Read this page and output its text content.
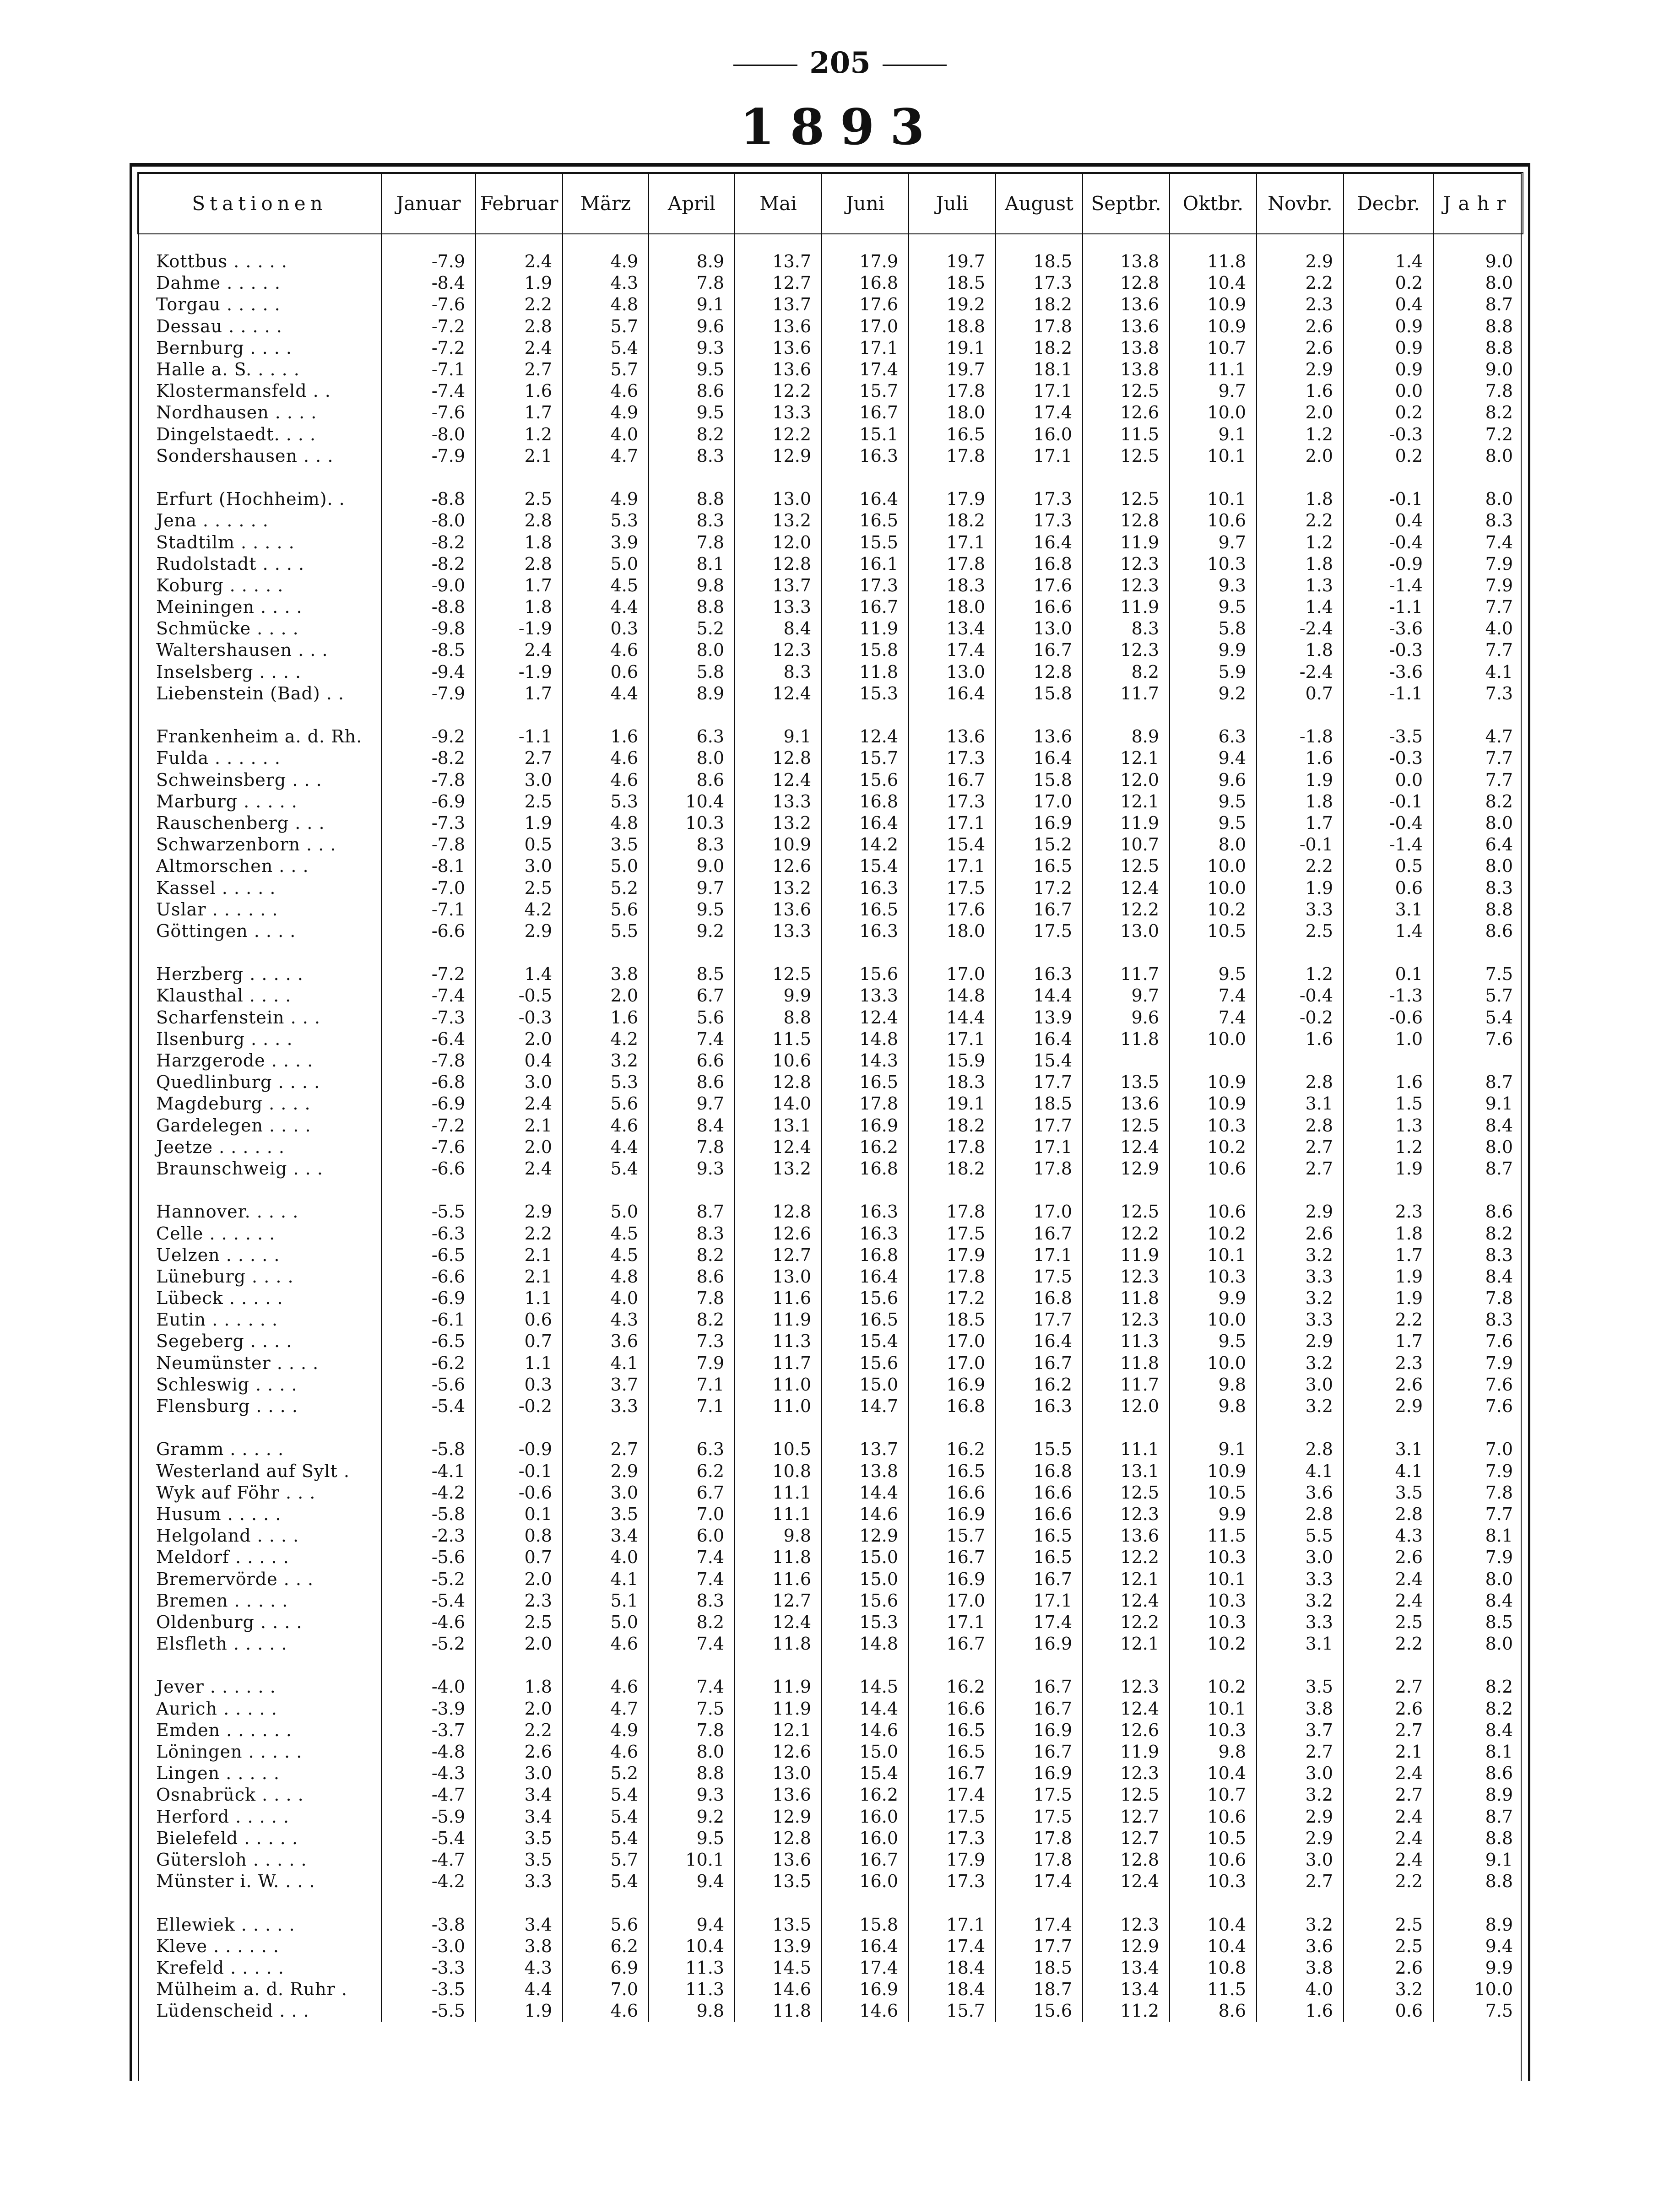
205
1893
Stationen	Januar	Februar	März	April	Mai	Juni	Juli	August	Septbr.	Oktbr.	Novbr.	Decbr.	Jahr

Kottbus . . . . .	-7.9	2.4	4.9	8.9	13.7	17.9	19.7	18.5	13.8	11.8	2.9	1.4	9.0
Dahme . . . . .	-8.4	1.9	4.3	7.8	12.7	16.8	18.5	17.3	12.8	10.4	2.2	0.2	8.0
Torgau . . . . .	-7.6	2.2	4.8	9.1	13.7	17.6	19.2	18.2	13.6	10.9	2.3	0.4	8.7
Dessau . . . . .	-7.2	2.8	5.7	9.6	13.6	17.0	18.8	17.8	13.6	10.9	2.6	0.9	8.8
Bernburg . . . .	-7.2	2.4	5.4	9.3	13.6	17.1	19.1	18.2	13.8	10.7	2.6	0.9	8.8
Halle a. S. . . . .	-7.1	2.7	5.7	9.5	13.6	17.4	19.7	18.1	13.8	11.1	2.9	0.9	9.0
Klostermansfeld . .	-7.4	1.6	4.6	8.6	12.2	15.7	17.8	17.1	12.5	9.7	1.6	0.0	7.8
Nordhausen . . . .	-7.6	1.7	4.9	9.5	13.3	16.7	18.0	17.4	12.6	10.0	2.0	0.2	8.2
Dingelstaedt. . . .	-8.0	1.2	4.0	8.2	12.2	15.1	16.5	16.0	11.5	9.1	1.2	-0.3	7.2
Sondershausen . . .	-7.9	2.1	4.7	8.3	12.9	16.3	17.8	17.1	12.5	10.1	2.0	0.2	8.0

Erfurt (Hochheim). .	-8.8	2.5	4.9	8.8	13.0	16.4	17.9	17.3	12.5	10.1	1.8	-0.1	8.0
Jena . . . . . .	-8.0	2.8	5.3	8.3	13.2	16.5	18.2	17.3	12.8	10.6	2.2	0.4	8.3
Stadtilm . . . . .	-8.2	1.8	3.9	7.8	12.0	15.5	17.1	16.4	11.9	9.7	1.2	-0.4	7.4
Rudolstadt . . . .	-8.2	2.8	5.0	8.1	12.8	16.1	17.8	16.8	12.3	10.3	1.8	-0.9	7.9
Koburg . . . . .	-9.0	1.7	4.5	9.8	13.7	17.3	18.3	17.6	12.3	9.3	1.3	-1.4	7.9
Meiningen . . . .	-8.8	1.8	4.4	8.8	13.3	16.7	18.0	16.6	11.9	9.5	1.4	-1.1	7.7
Schmücke . . . .	-9.8	-1.9	0.3	5.2	8.4	11.9	13.4	13.0	8.3	5.8	-2.4	-3.6	4.0
Waltershausen . . .	-8.5	2.4	4.6	8.0	12.3	15.8	17.4	16.7	12.3	9.9	1.8	-0.3	7.7
Inselsberg . . . .	-9.4	-1.9	0.6	5.8	8.3	11.8	13.0	12.8	8.2	5.9	-2.4	-3.6	4.1
Liebenstein (Bad) . .	-7.9	1.7	4.4	8.9	12.4	15.3	16.4	15.8	11.7	9.2	0.7	-1.1	7.3

Frankenheim a. d. Rh.	-9.2	-1.1	1.6	6.3	9.1	12.4	13.6	13.6	8.9	6.3	-1.8	-3.5	4.7
Fulda . . . . . .	-8.2	2.7	4.6	8.0	12.8	15.7	17.3	16.4	12.1	9.4	1.6	-0.3	7.7
Schweinsberg . . .	-7.8	3.0	4.6	8.6	12.4	15.6	16.7	15.8	12.0	9.6	1.9	0.0	7.7
Marburg . . . . .	-6.9	2.5	5.3	10.4	13.3	16.8	17.3	17.0	12.1	9.5	1.8	-0.1	8.2
Rauschenberg . . .	-7.3	1.9	4.8	10.3	13.2	16.4	17.1	16.9	11.9	9.5	1.7	-0.4	8.0
Schwarzenborn . . .	-7.8	0.5	3.5	8.3	10.9	14.2	15.4	15.2	10.7	8.0	-0.1	-1.4	6.4
Altmorschen . . .	-8.1	3.0	5.0	9.0	12.6	15.4	17.1	16.5	12.5	10.0	2.2	0.5	8.0
Kassel . . . . .	-7.0	2.5	5.2	9.7	13.2	16.3	17.5	17.2	12.4	10.0	1.9	0.6	8.3
Uslar . . . . . .	-7.1	4.2	5.6	9.5	13.6	16.5	17.6	16.7	12.2	10.2	3.3	3.1	8.8
Göttingen . . . .	-6.6	2.9	5.5	9.2	13.3	16.3	18.0	17.5	13.0	10.5	2.5	1.4	8.6

Herzberg . . . . .	-7.2	1.4	3.8	8.5	12.5	15.6	17.0	16.3	11.7	9.5	1.2	0.1	7.5
Klausthal . . . .	-7.4	-0.5	2.0	6.7	9.9	13.3	14.8	14.4	9.7	7.4	-0.4	-1.3	5.7
Scharfenstein . . .	-7.3	-0.3	1.6	5.6	8.8	12.4	14.4	13.9	9.6	7.4	-0.2	-0.6	5.4
Ilsenburg . . . .	-6.4	2.0	4.2	7.4	11.5	14.8	17.1	16.4	11.8	10.0	1.6	1.0	7.6
Harzgerode . . . .	-7.8	0.4	3.2	6.6	10.6	14.3	15.9	15.4					
Quedlinburg . . . .	-6.8	3.0	5.3	8.6	12.8	16.5	18.3	17.7	13.5	10.9	2.8	1.6	8.7
Magdeburg . . . .	-6.9	2.4	5.6	9.7	14.0	17.8	19.1	18.5	13.6	10.9	3.1	1.5	9.1
Gardelegen . . . .	-7.2	2.1	4.6	8.4	13.1	16.9	18.2	17.7	12.5	10.3	2.8	1.3	8.4
Jeetze . . . . . .	-7.6	2.0	4.4	7.8	12.4	16.2	17.8	17.1	12.4	10.2	2.7	1.2	8.0
Braunschweig . . .	-6.6	2.4	5.4	9.3	13.2	16.8	18.2	17.8	12.9	10.6	2.7	1.9	8.7

Hannover. . . . .	-5.5	2.9	5.0	8.7	12.8	16.3	17.8	17.0	12.5	10.6	2.9	2.3	8.6
Celle . . . . . .	-6.3	2.2	4.5	8.3	12.6	16.3	17.5	16.7	12.2	10.2	2.6	1.8	8.2
Uelzen . . . . .	-6.5	2.1	4.5	8.2	12.7	16.8	17.9	17.1	11.9	10.1	3.2	1.7	8.3
Lüneburg . . . .	-6.6	2.1	4.8	8.6	13.0	16.4	17.8	17.5	12.3	10.3	3.3	1.9	8.4
Lübeck . . . . .	-6.9	1.1	4.0	7.8	11.6	15.6	17.2	16.8	11.8	9.9	3.2	1.9	7.8
Eutin . . . . . .	-6.1	0.6	4.3	8.2	11.9	16.5	18.5	17.7	12.3	10.0	3.3	2.2	8.3
Segeberg . . . .	-6.5	0.7	3.6	7.3	11.3	15.4	17.0	16.4	11.3	9.5	2.9	1.7	7.6
Neumünster . . . .	-6.2	1.1	4.1	7.9	11.7	15.6	17.0	16.7	11.8	10.0	3.2	2.3	7.9
Schleswig . . . .	-5.6	0.3	3.7	7.1	11.0	15.0	16.9	16.2	11.7	9.8	3.0	2.6	7.6
Flensburg . . . .	-5.4	-0.2	3.3	7.1	11.0	14.7	16.8	16.3	12.0	9.8	3.2	2.9	7.6

Gramm . . . . .	-5.8	-0.9	2.7	6.3	10.5	13.7	16.2	15.5	11.1	9.1	2.8	3.1	7.0
Westerland auf Sylt .	-4.1	-0.1	2.9	6.2	10.8	13.8	16.5	16.8	13.1	10.9	4.1	4.1	7.9
Wyk auf Föhr . . .	-4.2	-0.6	3.0	6.7	11.1	14.4	16.6	16.6	12.5	10.5	3.6	3.5	7.8
Husum . . . . .	-5.8	0.1	3.5	7.0	11.1	14.6	16.9	16.6	12.3	9.9	2.8	2.8	7.7
Helgoland . . . .	-2.3	0.8	3.4	6.0	9.8	12.9	15.7	16.5	13.6	11.5	5.5	4.3	8.1
Meldorf . . . . .	-5.6	0.7	4.0	7.4	11.8	15.0	16.7	16.5	12.2	10.3	3.0	2.6	7.9
Bremervörde . . .	-5.2	2.0	4.1	7.4	11.6	15.0	16.9	16.7	12.1	10.1	3.3	2.4	8.0
Bremen . . . . .	-5.4	2.3	5.1	8.3	12.7	15.6	17.0	17.1	12.4	10.3	3.2	2.4	8.4
Oldenburg . . . .	-4.6	2.5	5.0	8.2	12.4	15.3	17.1	17.4	12.2	10.3	3.3	2.5	8.5
Elsfleth . . . . .	-5.2	2.0	4.6	7.4	11.8	14.8	16.7	16.9	12.1	10.2	3.1	2.2	8.0

Jever . . . . . .	-4.0	1.8	4.6	7.4	11.9	14.5	16.2	16.7	12.3	10.2	3.5	2.7	8.2
Aurich . . . . .	-3.9	2.0	4.7	7.5	11.9	14.4	16.6	16.7	12.4	10.1	3.8	2.6	8.2
Emden . . . . . .	-3.7	2.2	4.9	7.8	12.1	14.6	16.5	16.9	12.6	10.3	3.7	2.7	8.4
Löningen . . . . .	-4.8	2.6	4.6	8.0	12.6	15.0	16.5	16.7	11.9	9.8	2.7	2.1	8.1
Lingen . . . . .	-4.3	3.0	5.2	8.8	13.0	15.4	16.7	16.9	12.3	10.4	3.0	2.4	8.6
Osnabrück . . . .	-4.7	3.4	5.4	9.3	13.6	16.2	17.4	17.5	12.5	10.7	3.2	2.7	8.9
Herford . . . . .	-5.9	3.4	5.4	9.2	12.9	16.0	17.5	17.5	12.7	10.6	2.9	2.4	8.7
Bielefeld . . . . .	-5.4	3.5	5.4	9.5	12.8	16.0	17.3	17.8	12.7	10.5	2.9	2.4	8.8
Gütersloh . . . . .	-4.7	3.5	5.7	10.1	13.6	16.7	17.9	17.8	12.8	10.6	3.0	2.4	9.1
Münster i. W. . . .	-4.2	3.3	5.4	9.4	13.5	16.0	17.3	17.4	12.4	10.3	2.7	2.2	8.8

Ellewiek . . . . .	-3.8	3.4	5.6	9.4	13.5	15.8	17.1	17.4	12.3	10.4	3.2	2.5	8.9
Kleve . . . . . .	-3.0	3.8	6.2	10.4	13.9	16.4	17.4	17.7	12.9	10.4	3.6	2.5	9.4
Krefeld . . . . .	-3.3	4.3	6.9	11.3	14.5	17.4	18.4	18.5	13.4	10.8	3.8	2.6	9.9
Mülheim a. d. Ruhr .	-3.5	4.4	7.0	11.3	14.6	16.9	18.4	18.7	13.4	11.5	4.0	3.2	10.0
Lüdenscheid . . .	-5.5	1.9	4.6	9.8	11.8	14.6	15.7	15.6	11.2	8.6	1.6	0.6	7.5
